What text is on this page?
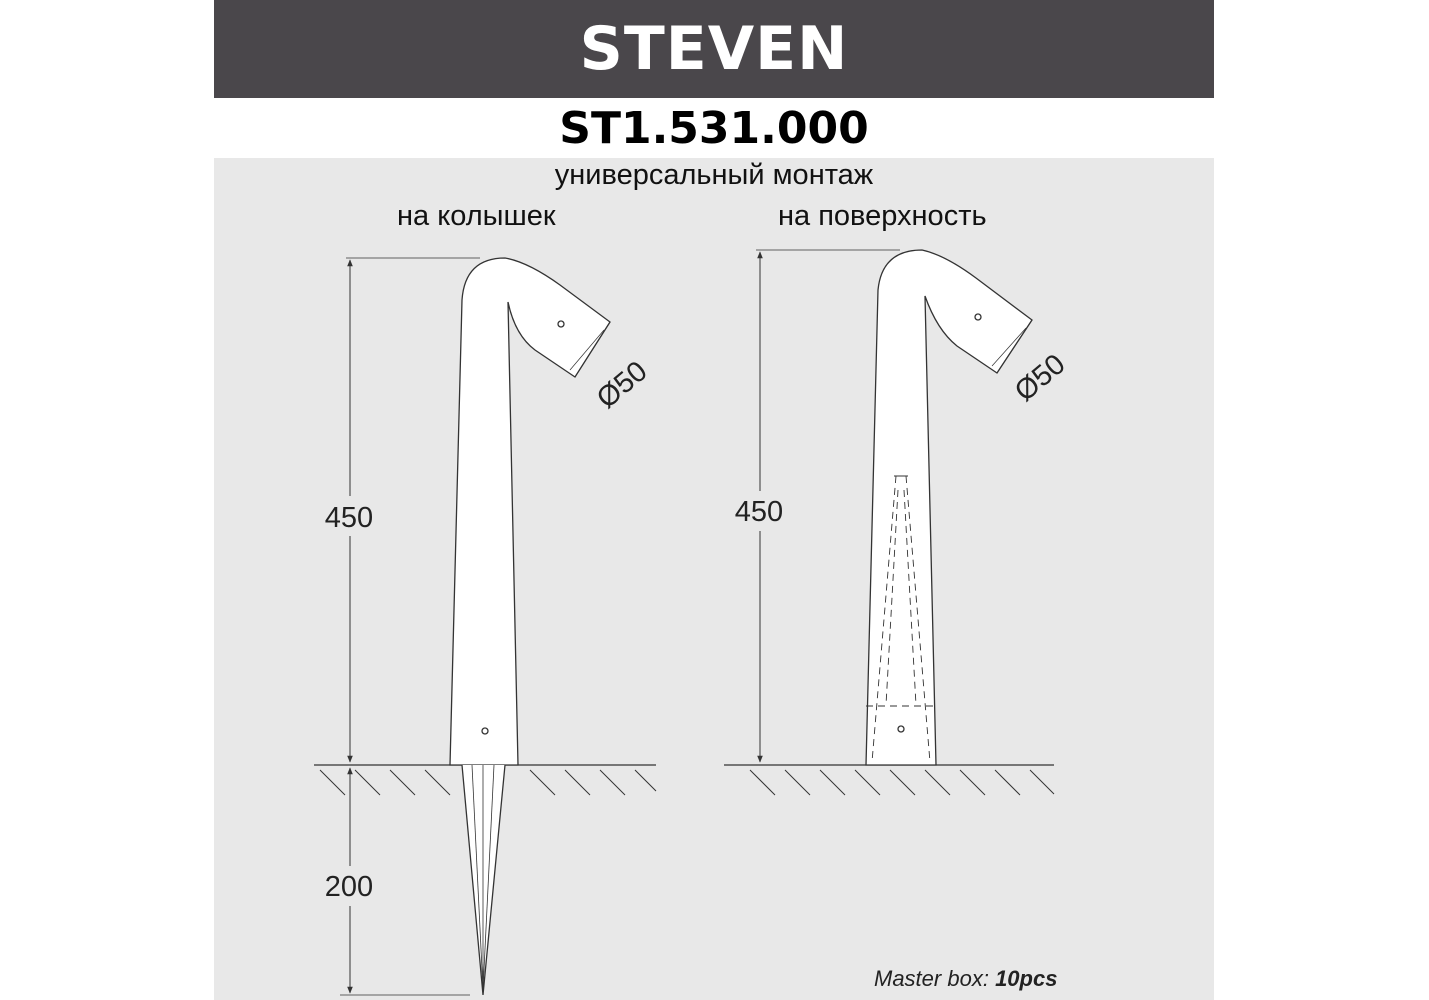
STEVEN
ST1.531.000
универсальный монтаж
на колышек	на поверхность
450
200
Ø50
450
Ø50
Master box: 10pcs
